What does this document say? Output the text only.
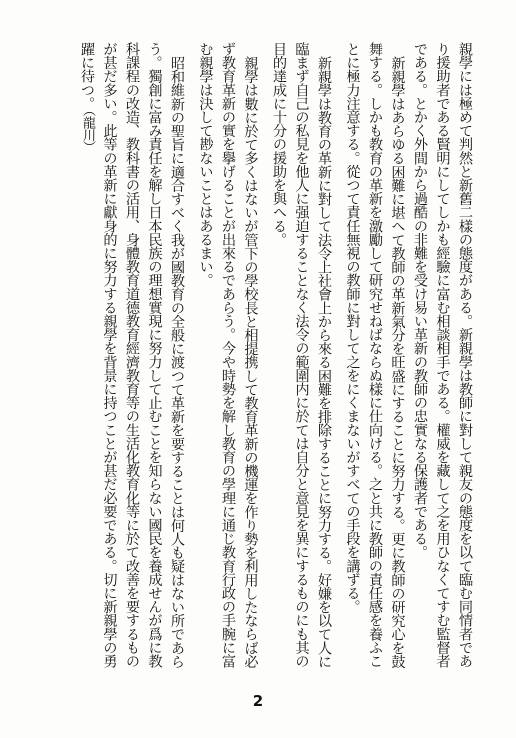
親學には極めて判然と新舊二樣の態度がある。新親學は教師に對して親友の態度を以て臨む同情者であり援助者である賢明にしてしかも經驗に富む相談相手である。權威を藏して之を用ひなくてすむ監督者である。とかく外間から過酷の非難を受け易い革新の教師の忠實なる保護者である。

新親學はあらゆる困難に堪へて教師の革新氣分を旺盛にすることに努力する。更に教師の研究心を鼓舞する。しかも教育の革新を激勵して研究せねばならぬ樣に仕向ける。之と共に教師の責任感を養ふことに極力注意する。從つて責任無視の教師に對して之をにくまないがすべての手段を講ずる。

新親學は教育の革新に對して法令上社會上から來る困難を排除することに努力する。好嫌を以て人に臨まず自己の私見を他人に强迫することなく法令の範圍内に於ては自分と意見を異にするものにも其の目的達成に十分の援助を與へる。

親學は數に於て多くはないが管下の學校長と相提携して教育革新の機運を作り勢を利用したならば必ず教育革新の實を擧げることが出來るであらう。今や時勢を解し教育の學理に通じ教育行政の手腕に富む親學は決して尠ないことはあるまい。

昭和維新の聖旨に適合すべく我が國教育の全般に渡つて革新を要することは何人も疑はない所であらう。獨創に富み責任を解し日本民族の理想實現に努力して止むことを知らない國民を養成せんが爲に教科課程の改造、教科書の活用、身體教育道德教育經濟教育等の生活化教育化等に於て改善を要するものが甚だ多い。此等の革新に獻身的に努力する親學を背景に持つことが甚だ必要である。切に新親學の勇躍に待つ。（龍川）

2
